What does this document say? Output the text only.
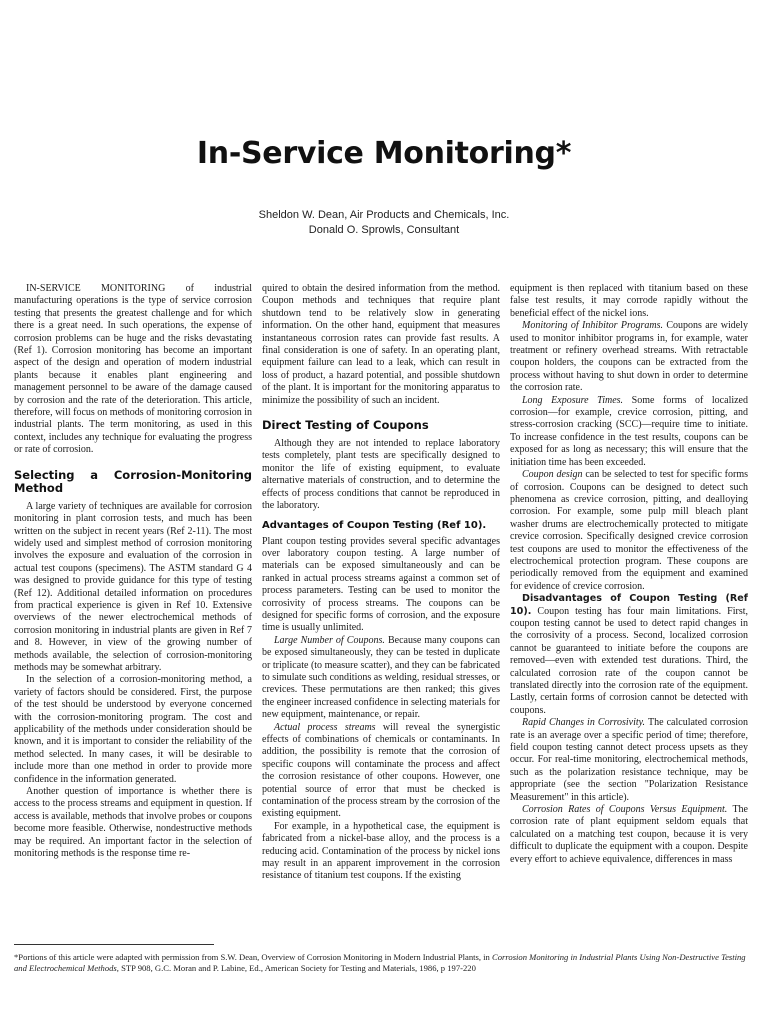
In-Service Monitoring*
Sheldon W. Dean, Air Products and Chemicals, Inc.
Donald O. Sprowls, Consultant

IN-SERVICE MONITORING of industrial manufacturing operations is the type of service corrosion testing that presents the greatest challenge and for which there is a great need. In such operations, the expense of corrosion problems can be huge and the risks devastating (Ref 1). Corrosion monitoring has become an important aspect of the design and operation of modern industrial plants because it enables plant engineering and management personnel to be aware of the damage caused by corrosion and the rate of the deterioration. This article, therefore, will focus on methods of monitoring corrosion in industrial plants. The term monitoring, as used in this context, includes any technique for evaluating the progress or rate of corrosion.

Selecting a Corrosion-Monitoring Method

A large variety of techniques are available for corrosion monitoring in plant corrosion tests, and much has been written on the subject in recent years (Ref 2-11). The most widely used and simplest method of corrosion monitoring involves the exposure and evaluation of the corrosion in actual test coupons (specimens). The ASTM standard G 4 was designed to provide guidance for this type of testing (Ref 12). Additional detailed information on procedures from practical experience is given in Ref 10. Extensive overviews of the newer electrochemical methods of corrosion monitoring in industrial plants are given in Ref 7 and 8. However, in view of the growing number of methods available, the selection of corrosion-monitoring methods may be somewhat arbitrary.

In the selection of a corrosion-monitoring method, a variety of factors should be considered. First, the purpose of the test should be understood by everyone concerned with the corrosion-monitoring program. The cost and applicability of the methods under consideration should be known, and it is important to consider the reliability of the method selected. In many cases, it will be desirable to include more than one method in order to provide more confidence in the information generated.

Another question of importance is whether there is access to the process streams and equipment in question. If access is available, methods that involve probes or coupons become more feasible. Otherwise, nondestructive methods may be required. An important factor in the selection of monitoring methods is the response time re-

quired to obtain the desired information from the method. Coupon methods and techniques that require plant shutdown tend to be relatively slow in generating information. On the other hand, equipment that measures instantaneous corrosion rates can provide fast results. A final consideration is one of safety. In an operating plant, equipment failure can lead to a leak, which can result in loss of product, a hazard potential, and possible shutdown of the plant. It is important for the monitoring apparatus to minimize the possibility of such an incident.

Direct Testing of Coupons

Although they are not intended to replace laboratory tests completely, plant tests are specifically designed to monitor the life of existing equipment, to evaluate alternative materials of construction, and to determine the effects of process conditions that cannot be reproduced in the laboratory.

Advantages of Coupon Testing (Ref 10).

Plant coupon testing provides several specific advantages over laboratory coupon testing. A large number of materials can be exposed simultaneously and can be ranked in actual process streams against a common set of process parameters. Testing can be used to monitor the corrosivity of process streams. The coupons can be designed for specific forms of corrosion, and the exposure time is usually unlimited.

Large Number of Coupons. Because many coupons can be exposed simultaneously, they can be tested in duplicate or triplicate (to measure scatter), and they can be fabricated to simulate such conditions as welding, residual stresses, or crevices. These permutations are then ranked; this gives the engineer increased confidence in selecting materials for new equipment, maintenance, or repair.

Actual process streams will reveal the synergistic effects of combinations of chemicals or contaminants. In addition, the possibility is remote that the corrosion of specific coupons will contaminate the process and affect the corrosion resistance of other coupons. However, one potential source of error that must be checked is contamination of the process stream by the corrosion of the existing equipment.

For example, in a hypothetical case, the equipment is fabricated from a nickel-base alloy, and the process is a reducing acid. Contamination of the process by nickel ions may result in an apparent improvement in the corrosion resistance of titanium test coupons. If the existing

equipment is then replaced with titanium based on these false test results, it may corrode rapidly without the beneficial effect of the nickel ions.

Monitoring of Inhibitor Programs. Coupons are widely used to monitor inhibitor programs in, for example, water treatment or refinery overhead streams. With retractable coupon holders, the coupons can be extracted from the process without having to shut down in order to determine the corrosion rate.

Long Exposure Times. Some forms of localized corrosion—for example, crevice corrosion, pitting, and stress-corrosion cracking (SCC)—require time to initiate. To increase confidence in the test results, coupons can be exposed for as long as necessary; this will ensure that the initiation time has been exceeded.

Coupon design can be selected to test for specific forms of corrosion. Coupons can be designed to detect such phenomena as crevice corrosion, pitting, and dealloying corrosion. For example, some pulp mill bleach plant washer drums are electrochemically protected to mitigate crevice corrosion. Specifically designed crevice corrosion test coupons are used to monitor the effectiveness of the electrochemical protection program. These coupons are periodically removed from the equipment and examined for evidence of crevice corrosion.

Disadvantages of Coupon Testing (Ref 10). Coupon testing has four main limitations. First, coupon testing cannot be used to detect rapid changes in the corrosivity of a process. Second, localized corrosion cannot be guaranteed to initiate before the coupons are removed—even with extended test durations. Third, the calculated corrosion rate of the coupon cannot be translated directly into the corrosion rate of the equipment. Lastly, certain forms of corrosion cannot be detected with coupons.

Rapid Changes in Corrosivity. The calculated corrosion rate is an average over a specific period of time; therefore, field coupon testing cannot detect process upsets as they occur. For real-time monitoring, electrochemical methods, such as the polarization resistance technique, may be appropriate (see the section "Polarization Resistance Measurement" in this article).

Corrosion Rates of Coupons Versus Equipment. The corrosion rate of plant equipment seldom equals that calculated on a matching test coupon, because it is very difficult to duplicate the equipment with a coupon. Despite every effort to achieve equivalence, differences in mass

*Portions of this article were adapted with permission from S.W. Dean, Overview of Corrosion Monitoring in Modern Industrial Plants, in Corrosion Monitoring in Industrial Plants Using Non-Destructive Testing and Electrochemical Methods, STP 908, G.C. Moran and P. Labine, Ed., American Society for Testing and Materials, 1986, p 197-220
